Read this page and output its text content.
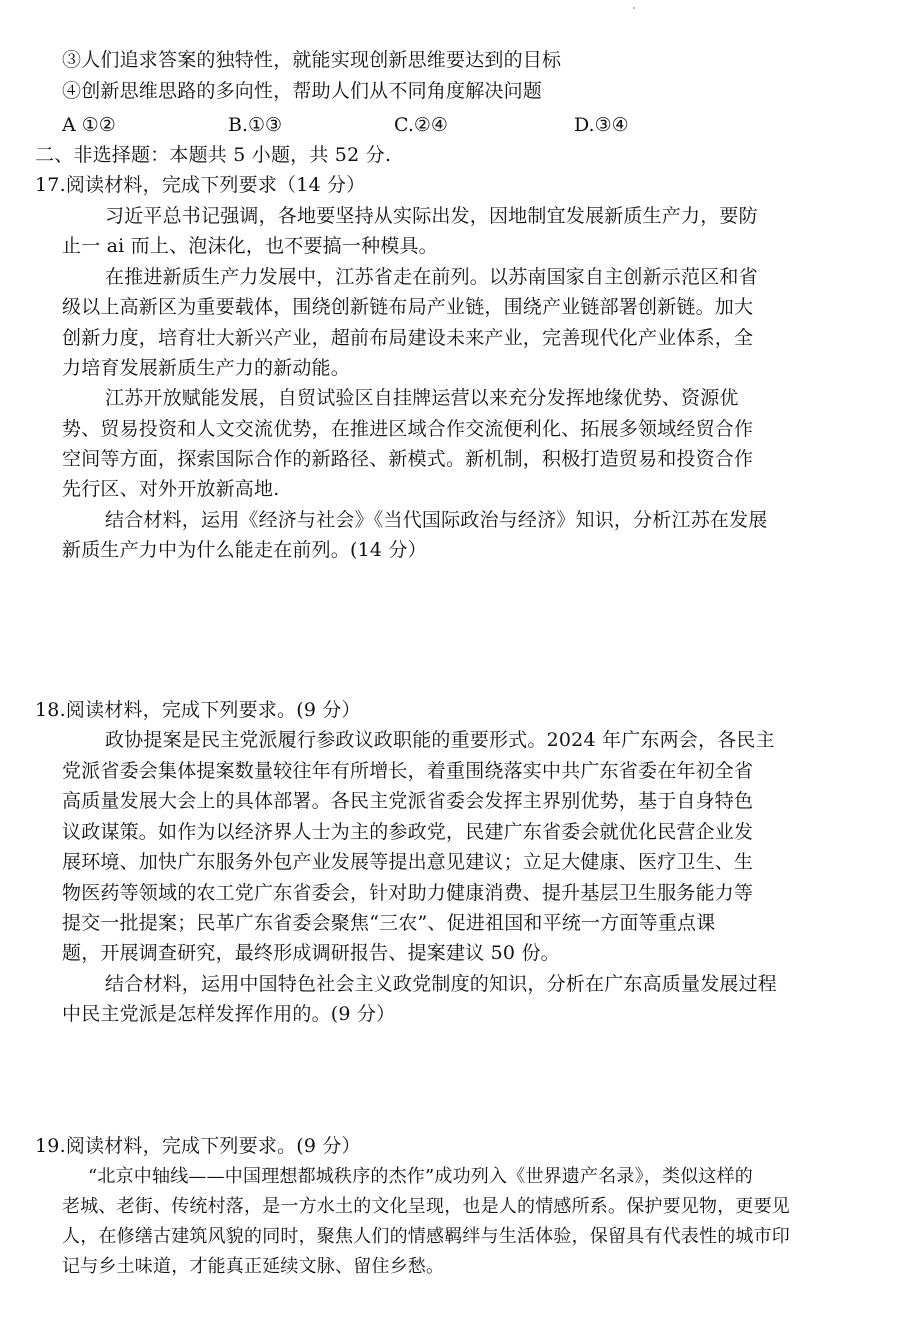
③人们追求答案的独特性，就能实现创新思维要达到的目标
④创新思维思路的多向性，帮助人们从不同角度解决问题
A ①②	B.①③	C.②④	D.③④
二、非选择题：本题共 5 小题，共 52 分.
17.阅读材料，完成下列要求（14 分）
习近平总书记强调，各地要坚持从实际出发，因地制宜发展新质生产力，要防
止一 ai 而上、泡沫化，也不要搞一种模具。
在推进新质生产力发展中，江苏省走在前列。以苏南国家自主创新示范区和省
级以上高新区为重要载体，围绕创新链布局产业链，围绕产业链部署创新链。加大
创新力度，培育壮大新兴产业，超前布局建设未来产业，完善现代化产业体系，全
力培育发展新质生产力的新动能。
江苏开放赋能发展，自贸试验区自挂牌运营以来充分发挥地缘优势、资源优
势、贸易投资和人文交流优势，在推进区域合作交流便利化、拓展多领域经贸合作
空间等方面，探索国际合作的新路径、新模式。新机制，积极打造贸易和投资合作
先行区、对外开放新高地.
结合材料，运用《经济与社会》《当代国际政治与经济》知识，分析江苏在发展
新质生产力中为什么能走在前列。(14 分）
18.阅读材料，完成下列要求。(9 分）
政协提案是民主党派履行参政议政职能的重要形式。2024 年广东两会，各民主
党派省委会集体提案数量较往年有所增长，着重围绕落实中共广东省委在年初全省
高质量发展大会上的具体部署。各民主党派省委会发挥主界别优势，基于自身特色
议政谋策。如作为以经济界人士为主的参政党，民建广东省委会就优化民营企业发
展环境、加快广东服务外包产业发展等提出意见建议；立足大健康、医疗卫生、生
物医药等领域的农工党广东省委会，针对助力健康消费、提升基层卫生服务能力等
提交一批提案；民革广东省委会聚焦“三农”、促进祖国和平统一方面等重点课
题，开展调查研究，最终形成调研报告、提案建议 50 份。
结合材料，运用中国特色社会主义政党制度的知识，分析在广东高质量发展过程
中民主党派是怎样发挥作用的。(9 分）
19.阅读材料，完成下列要求。(9 分）
“北京中轴线——中国理想都城秩序的杰作”成功列入《世界遗产名录》，类似这样的
老城、老街、传统村落，是一方水土的文化呈现，也是人的情感所系。保护要见物，更要见
人，在修缮古建筑风貌的同时，聚焦人们的情感羁绊与生活体验，保留具有代表性的城市印
记与乡土味道，才能真正延续文脉、留住乡愁。
